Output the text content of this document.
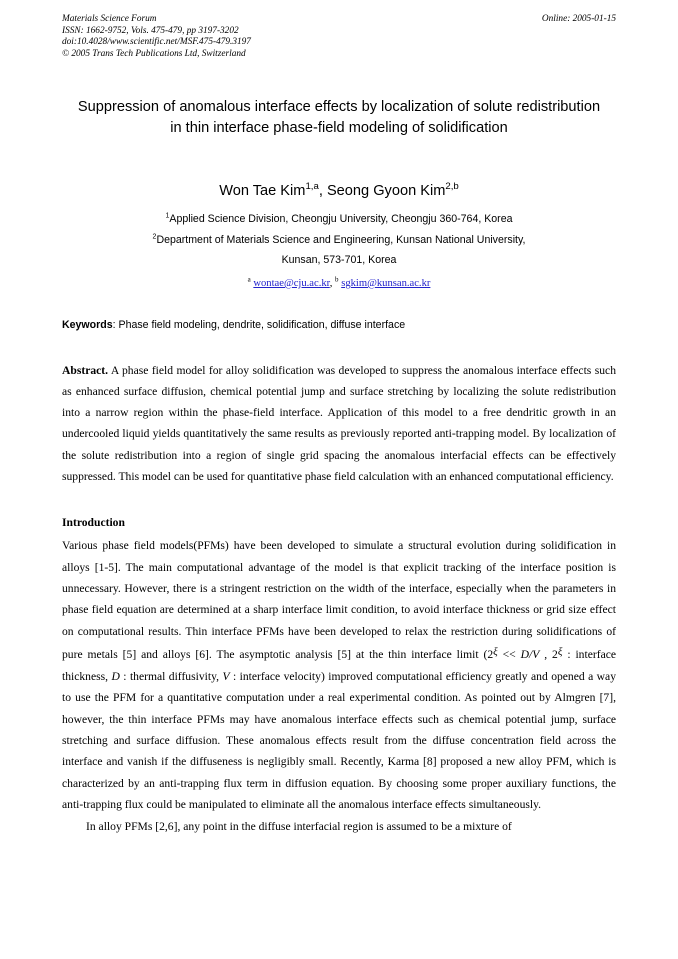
Materials Science Forum
ISSN: 1662-9752, Vols. 475-479, pp 3197-3202
doi:10.4028/www.scientific.net/MSF.475-479.3197
© 2005 Trans Tech Publications Ltd, Switzerland
Online: 2005-01-15
Suppression of anomalous interface effects by localization of solute redistribution in thin interface phase-field modeling of solidification
Won Tae Kim$^{1,a}$, Seong Gyoon Kim$^{2,b}$
$^1$Applied Science Division, Cheongju University, Cheongju 360-764, Korea
$^2$Department of Materials Science and Engineering, Kunsan National University,
Kunsan, 573-701, Korea
$^a$ wontae@cju.ac.kr, $^b$ sgkim@kunsan.ac.kr
Keywords: Phase field modeling, dendrite, solidification, diffuse interface
Abstract. A phase field model for alloy solidification was developed to suppress the anomalous interface effects such as enhanced surface diffusion, chemical potential jump and surface stretching by localizing the solute redistribution into a narrow region within the phase-field interface. Application of this model to a free dendritic growth in an undercooled liquid yields quantitatively the same results as previously reported anti-trapping model. By localization of the solute redistribution into a region of single grid spacing the anomalous interfacial effects can be effectively suppressed. This model can be used for quantitative phase field calculation with an enhanced computational efficiency.
Introduction
Various phase field models(PFMs) have been developed to simulate a structural evolution during solidification in alloys [1-5]. The main computational advantage of the model is that explicit tracking of the interface position is unnecessary. However, there is a stringent restriction on the width of the interface, especially when the parameters in phase field equation are determined at a sharp interface limit condition, to avoid interface thickness or grid size effect on computational results. Thin interface PFMs have been developed to relax the restriction during solidifications of pure metals [5] and alloys [6]. The asymptotic analysis [5] at the thin interface limit (2ξ << D/V , 2ξ : interface thickness, D : thermal diffusivity, V : interface velocity) improved computational efficiency greatly and opened a way to use the PFM for a quantitative computation under a real experimental condition. As pointed out by Almgren [7], however, the thin interface PFMs may have anomalous interface effects such as chemical potential jump, surface stretching and surface diffusion. These anomalous effects result from the diffuse concentration field across the interface and vanish if the diffuseness is negligibly small. Recently, Karma [8] proposed a new alloy PFM, which is characterized by an anti-trapping flux term in diffusion equation. By choosing some proper auxiliary functions, the anti-trapping flux could be manipulated to eliminate all the anomalous interface effects simultaneously.
In alloy PFMs [2,6], any point in the diffuse interfacial region is assumed to be a mixture of
